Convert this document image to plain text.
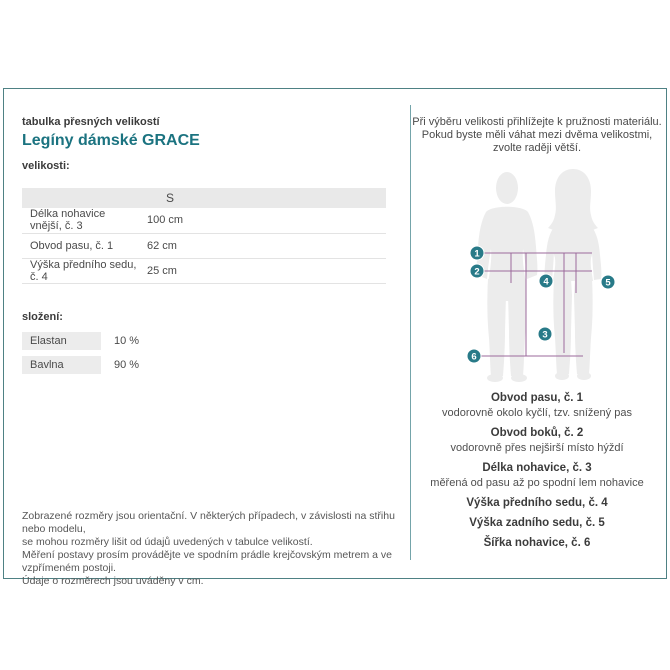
tabulka přesných velikostí
Legíny dámské GRACE
velikosti:
	S	
Délka nohavice vnější, č. 3	100 cm	
Obvod pasu, č. 1	62 cm	
Výška předního sedu, č. 4	25 cm	
složení:
Elastan	10 %
Bavlna	90 %
Zobrazené rozměry jsou orientační. V některých případech, v závislosti na střihu nebo modelu,
se mohou rozměry lišit od údajů uvedených v tabulce velikostí.
Měření postavy prosím provádějte ve spodním prádle krejčovským metrem a ve vzpřímeném postoji.
Údaje o rozměrech jsou uváděny v cm.
Při výběru velikosti přihlížejte k pružnosti materiálu.
Pokud byste měli váhat mezi dvěma velikostmi,
zvolte raději větší.
1
2
4	5
3
6
Obvod pasu, č. 1
vodorovně okolo kyčlí, tzv. snížený pas
Obvod boků, č. 2
vodorovně přes nejširší místo hýždí
Délka nohavice, č. 3
měřená od pasu až po spodní lem nohavice
Výška předního sedu, č. 4
Výška zadního sedu, č. 5
Šířka nohavice, č. 6
